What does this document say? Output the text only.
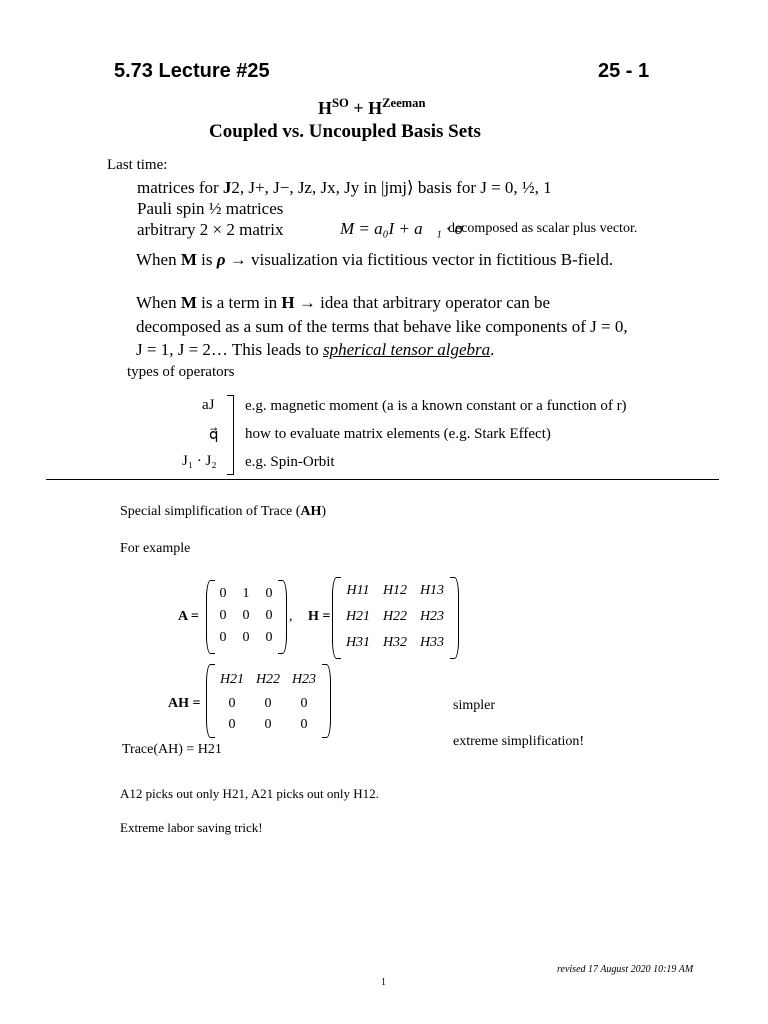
5.73 Lecture #25	25 - 1
$H^{SO} + H^{Zeeman}$
Coupled vs. Uncoupled Basis Sets
Last time:
matrices for J2, J+, J−, Jz, Jx, Jy in |jmj⟩ basis for J = 0, ½, 1
Pauli spin ½ matrices
arbitrary 2 × 2 matrix	M = a₀I + a⃗₁ · σ⃗
decomposed as scalar plus vector.
When M is ρ → visualization via fictitious vector in fictitious B-field.
When M is a term in H → idea that arbitrary operator can be
decomposed as a sum of the terms that behave like components of J = 0,
J = 1, J = 2… This leads to spherical tensor algebra.
types of operators
aJ e.g. magnetic moment (a is a known constant or a function of r)
q⃗ how to evaluate matrix elements (e.g. Stark Effect)
J₁ · J₂ e.g. Spin-Orbit
Special simplification of Trace (AH)
For example
A =
0	1	0
0	0	0
0	0	0
, H =
H11 H12 H13
H21 H22 H23
H31 H32 H33
AH =
H21 H22 H23
0	0	0
0	0	0
simpler
Trace(AH) = H21
extreme simplification!
A12 picks out only H21, A21 picks out only H12.
Extreme labor saving trick!
revised 17 August 2020 10:19 AM
1
